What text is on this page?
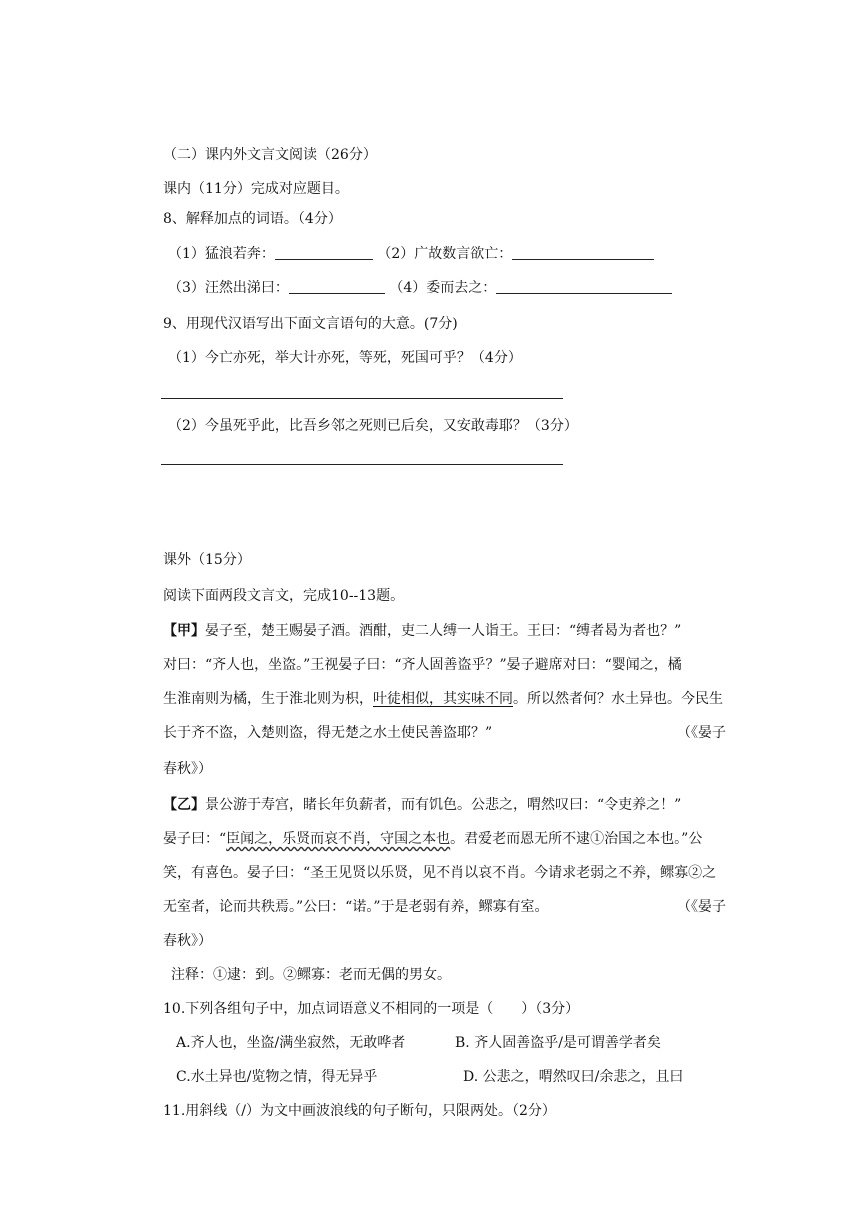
（二）课内外文言文阅读（26分）
课内（11分）完成对应题目。
8、解释加点的词语。（4分）
（1）猛浪若奔：	（2）广故数言欲亡：
（3）汪然出涕曰：	（4）委而去之：
9、用现代汉语写出下面文言语句的大意。(7分)
（1）今亡亦死，举大计亦死，等死，死国可乎？（4分）
（2）今虽死乎此，比吾乡邻之死则已后矣，又安敢毒耶？（3分）
课外（15分）
阅读下面两段文言文，完成10--13题。
【甲】晏子至，楚王赐晏子酒。酒酣，吏二人缚一人诣王。王曰：“缚者曷为者也？”
对曰：“齐人也，坐盗。”王视晏子曰：“齐人固善盗乎？”晏子避席对曰：“婴闻之，橘
生淮南则为橘，生于淮北则为枳，叶徒相似，其实味不同。所以然者何？水土异也。今民生
长于齐不盗，入楚则盗，得无楚之水土使民善盗耶？”	（《晏子
春秋》）
【乙】景公游于寿宫，睹长年负薪者，而有饥色。公悲之，喟然叹曰：“令吏养之！”
晏子曰：“臣闻之，乐贤而哀不肖，守国之本也。君爱老而恩无所不逮①治国之本也。”公
笑，有喜色。晏子曰：“圣王见贤以乐贤，见不肖以哀不肖。今请求老弱之不养，鳏寡②之
无室者，论而共秩焉。”公曰：“诺。”于是老弱有养，鳏寡有室。	（《晏子
春秋》）
注释：①逮：到。②鳏寡：老而无偶的男女。
10.下列各组句子中，加点词语意义不相同的一项是（　　）（3分）
A.齐人也，坐盗/满坐寂然，无敢哗者	B. 齐人固善盗乎/是可谓善学者矣
C.水土异也/览物之情，得无异乎	D. 公悲之，喟然叹曰/余悲之，且曰
11.用斜线（/）为文中画波浪线的句子断句，只限两处。（2分）
